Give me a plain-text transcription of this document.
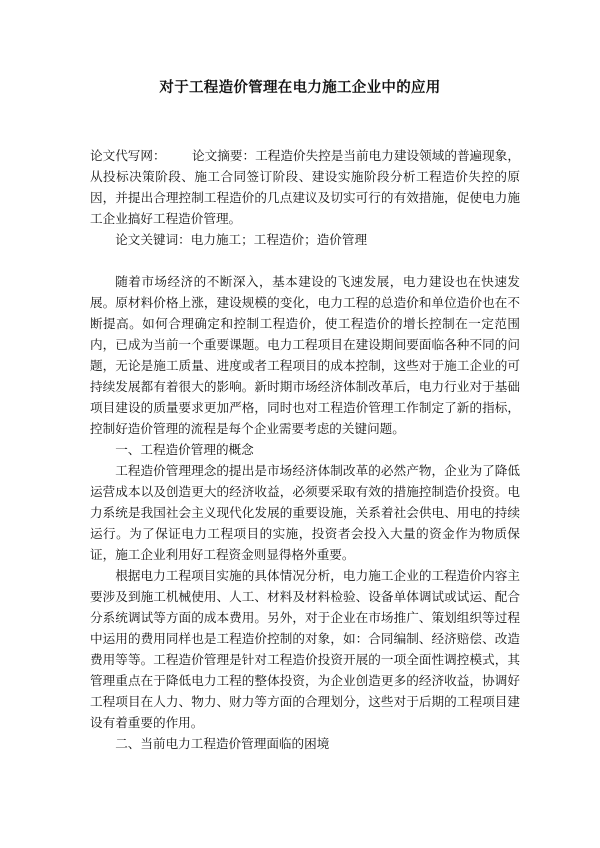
对于工程造价管理在电力施工企业中的应用

论文代写网： 论文摘要：工程造价失控是当前电力建设领域的普遍现象，从投标决策阶段、施工合同签订阶段、建设实施阶段分析工程造价失控的原因，并提出合理控制工程造价的几点建议及切实可行的有效措施，促使电力施工企业搞好工程造价管理。

论文关键词：电力施工；工程造价；造价管理

随着市场经济的不断深入，基本建设的飞速发展，电力建设也在快速发展。原材料价格上涨，建设规模的变化，电力工程的总造价和单位造价也在不断提高。如何合理确定和控制工程造价，使工程造价的增长控制在一定范围内，已成为当前一个重要课题。电力工程项目在建设期间要面临各种不同的问题，无论是施工质量、进度或者工程项目的成本控制，这些对于施工企业的可持续发展都有着很大的影响。新时期市场经济体制改革后，电力行业对于基础项目建设的质量要求更加严格，同时也对工程造价管理工作制定了新的指标，控制好造价管理的流程是每个企业需要考虑的关键问题。

一、工程造价管理的概念

工程造价管理理念的提出是市场经济体制改革的必然产物，企业为了降低运营成本以及创造更大的经济收益，必须要采取有效的措施控制造价投资。电力系统是我国社会主义现代化发展的重要设施，关系着社会供电、用电的持续运行。为了保证电力工程项目的实施，投资者会投入大量的资金作为物质保证，施工企业利用好工程资金则显得格外重要。

根据电力工程项目实施的具体情况分析，电力施工企业的工程造价内容主要涉及到施工机械使用、人工、材料及材料检验、设备单体调试或试运、配合分系统调试等方面的成本费用。另外，对于企业在市场推广、策划组织等过程中运用的费用同样也是工程造价控制的对象，如：合同编制、经济赔偿、改造费用等等。工程造价管理是针对工程造价投资开展的一项全面性调控模式，其管理重点在于降低电力工程的整体投资，为企业创造更多的经济收益，协调好工程项目在人力、物力、财力等方面的合理划分，这些对于后期的工程项目建设有着重要的作用。

二、当前电力工程造价管理面临的困境
